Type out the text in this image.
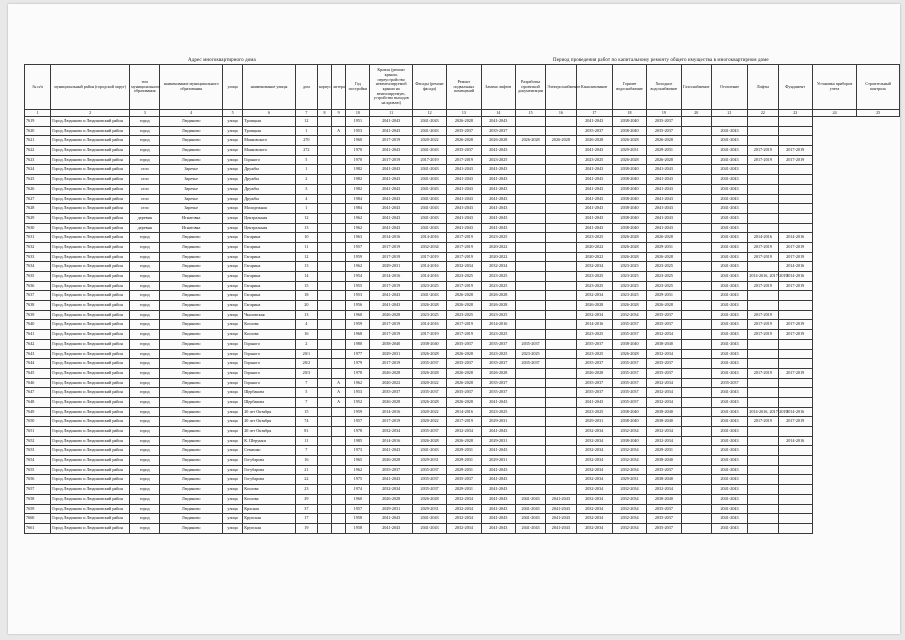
Адрес многоквартирного дома	Период проведения работ по капитальному ремонту общего имущества в многоквартирном доме
№ п/п	муниципальный район (городской округ)	тип муниципального образования	наименование муниципального образования	улица	наименование улицы	дом	корпус	литера	Год постройки	Кровля (ремонт крыши, переустройство невентилируемой крыши на вентилируемую, устройство выходов на кровлю)	Фасады (ремонт фасада)	Ремонт подвальных помещений	Замена лифтов	Разработка проектной документации	Электроснабжение	Канализование	Горячее водоснабжение	Холодное водоснабжение	Газоснабжение	Отопление	Лифты	Фундамент	Установка приборов учета	Строительный контроль
1	2	3	4	5	6	7	8	9	10	11	12	13	14	15	16	17	18	19	20	21	22	23	24	25
7619	Город Людиново и Людиновский район	город	Людиново	улица	Троицкая	12			1951	2041-2043	2041-2043	2026-2028	2041-2043			2041-2043	2038-2040	2035-2037						
7620	Город Людиново и Людиновский район	город	Людиново	улица	Троицкая	1		А	1953	2041-2043	2041-2043	2035-2037	2035-2037			2035-2037	2038-2040	2035-2037		2041-2043				
7621	Город Людиново и Людиновский район	город	Людиново	улица	Маяковского	270			1960	2017-2019	2020-2022	2026-2028	2026-2028	2026-2028	2026-2028	2026-2028	2026-2028	2026-2028		2041-2043				
7622	Город Людиново и Людиновский район	город	Людиново	улица	Маяковского	272			1970	2041-2043	2041-2043	2035-2037	2041-2043			2041-2043	2029-2031	2029-2031		2041-2043	2017-2019	2017-2019		
7623	Город Людиново и Людиновский район	город	Людиново	улица	Горького	5			1970	2017-2019	2017-2019	2017-2019	2023-2025			2023-2025	2026-2028	2026-2028		2041-2043	2017-2019	2017-2019		
7624	Город Людиново и Людиновский район	село	Заречье	улица	Дружбы	1			1982	2041-2043	2041-2043	2041-2043	2041-2043			2041-2043	2038-2040	2041-2043		2041-2043				
7625	Город Людиново и Людиновский район	село	Заречье	улица	Дружбы	2			1982	2041-2043	2041-2043	2041-2043	2041-2043			2041-2043	2038-2040	2041-2043		2041-2043				
7626	Город Людиново и Людиновский район	село	Заречье	улица	Дружбы	3			1982	2041-2043	2041-2043	2041-2043	2041-2043			2041-2043	2038-2040	2041-2043		2041-2043				
7627	Город Людиново и Людиновский район	село	Заречье	улица	Дружбы	4			1984	2041-2043	2041-2043	2041-2043	2041-2043			2041-2043	2038-2040	2041-2043		2041-2043				
7628	Город Людиново и Людиновский район	село	Заречье	улица	Молодежная	1			1984	2041-2043	2041-2043	2041-2043	2041-2043			2041-2043	2038-2040	2041-2043		2041-2043				
7629	Город Людиново и Людиновский район	деревня	Игнатовка	улица	Центральная	12			1962	2041-2043	2041-2043	2041-2043	2041-2043			2041-2043	2038-2040	2041-2043		2041-2043				
7630	Город Людиново и Людиновский район	деревня	Игнатовка	улица	Центральная	13			1962	2041-2043	2041-2043	2041-2043	2041-2043			2041-2043	2038-2040	2041-2043		2041-2043				
7631	Город Людиново и Людиновский район	город	Людиново	улица	Гагарина	10			1963	2014-2016	2014-2016	2017-2019	2023-2025			2023-2025	2026-2028	2026-2028		2041-2043	2014-2016	2014-2016		
7632	Город Людиново и Людиновский район	город	Людиново	улица	Гагарина	11			1957	2017-2019	2032-2034	2017-2019	2020-2022			2020-2022	2026-2028	2029-2031		2041-2043	2017-2019	2017-2019		
7633	Город Людиново и Людиновский район	город	Людиново	улица	Гагарина	12			1959	2017-2019	2017-2019	2017-2019	2020-2022			2020-2022	2026-2028	2026-2028		2041-2043	2017-2019	2017-2019		
7634	Город Людиново и Людиновский район	город	Людиново	улица	Гагарина	13			1962	2029-2031	2014-2016	2032-2034	2032-2034			2032-2034	2023-2025	2023-2025		2041-2043		2014-2016		
7635	Город Людиново и Людиновский район	город	Людиново	улица	Гагарина	14			1954	2014-2016	2014-2016	2023-2025	2023-2025			2023-2025	2023-2025	2023-2025		2041-2043	2014-2016, 2017-2019	2014-2016		
7636	Город Людиново и Людиновский район	город	Людиново	улица	Гагарина	15			1955	2017-2019	2023-2025	2017-2019	2023-2025			2023-2025	2023-2025	2023-2025		2041-2043	2017-2019	2017-2019		
7637	Город Людиново и Людиновский район	город	Людиново	улица	Гагарина	18			1953	2041-2043	2041-2043	2026-2028	2026-2028			2032-2034	2023-2025	2029-2031		2041-2043				
7638	Город Людиново и Людиновский район	город	Людиново	улица	Гагарина	20			1956	2041-2043	2026-2028	2026-2028	2026-2028			2026-2028	2026-2028	2026-2028		2041-2043				
7639	Город Людиново и Людиновский район	город	Людиново	улица	Чкаловская	13			1960	2026-2028	2023-2025	2023-2025	2023-2025			2032-2034	2032-2034	2035-2037		2041-2043	2017-2019			
7640	Город Людиново и Людиновский район	город	Людиново	улица	Козлова	4			1959	2017-2019	2014-2016	2017-2019	2014-2016			2014-2016	2035-2037	2035-2037		2041-2043	2017-2019	2017-2019		
7641	Город Людиново и Людиновский район	город	Людиново	улица	Козлова	16			1968	2017-2019	2017-2019	2017-2019	2023-2025			2023-2025	2035-2037	2032-2034		2041-2043	2017-2019	2017-2019		
7642	Город Людиново и Людиновский район	город	Людиново	улица	Горького	2			1980	2038-2040	2038-2040	2035-2037	2035-2037	2035-2037		2035-2037	2038-2040	2038-2040		2041-2043				
7643	Город Людиново и Людиновский район	город	Людиново	улица	Горького	20/1			1977	2029-2031	2026-2028	2026-2028	2023-2025	2023-2025		2023-2025	2026-2028	2032-2034		2041-2043				
7644	Город Людиново и Людиновский район	город	Людиново	улица	Горького	20/2			1979	2017-2019	2035-2037	2035-2037	2035-2037	2035-2037		2035-2037	2035-2037	2035-2037		2041-2043				
7645	Город Людиново и Людиновский район	город	Людиново	улица	Горького	20/3			1978	2026-2028	2026-2028	2026-2028	2026-2028			2026-2028	2035-2037	2035-2037		2041-2043	2017-2019	2017-2019		
7646	Город Людиново и Людиновский район	город	Людиново	улица	Горького	7		А	1962	2020-2022	2020-2022	2026-2028	2035-2037			2035-2037	2035-2037	2032-2034		2035-2037				
7647	Город Людиново и Людиновский район	город	Людиново	улица	Щербакова	5		А	1953	2035-2037	2035-2037	2035-2037	2035-2037			2035-2037	2035-2037	2032-2034		2041-2043				
7648	Город Людиново и Людиновский район	город	Людиново	улица	Щербакова	7		А	1952	2026-2028	2026-2028	2026-2028	2041-2043			2041-2043	2035-2037	2032-2034		2041-2043				
7649	Город Людиново и Людиновский район	город	Людиново	улица	20 лет Октября	15			1959	2014-2016	2020-2022	2014-2016	2023-2025			2023-2025	2038-2040	2038-2040		2041-2043	2014-2016, 2017-2019	2014-2016		
7650	Город Людиново и Людиновский район	город	Людиново	улица	20 лет Октября	74			1957	2017-2019	2020-2022	2017-2019	2029-2031			2029-2031	2038-2040	2038-2040		2041-2043	2017-2019	2017-2019		
7651	Город Людиново и Людиновский район	город	Людиново	улица	20 лет Октября	81			1978	2032-2034	2035-2037	2032-2034	2041-2043			2032-2034	2032-2034	2032-2034		2041-2043				
7652	Город Людиново и Людиновский район	город	Людиново	улица	К. Шерунки	11			1985	2014-2016	2026-2028	2026-2028	2029-2031			2032-2034	2038-2040	2032-2034		2041-2043		2014-2016		
7653	Город Людиново и Людиновский район	город	Людиново	улица	Семашко	7			1973	2041-2043	2041-2043	2029-2031	2041-2043			2032-2034	2032-2034	2029-2031		2041-2043				
7654	Город Людиново и Людиновский район	город	Людиново	улица	Гогубарова	16			1965	2026-2028	2029-2031	2029-2031	2029-2031			2032-2034	2032-2034	2038-2040		2041-2043				
7655	Город Людиново и Людиновский район	город	Людиново	улица	Гогубарова	21			1962	2035-2037	2035-2037	2029-2031	2041-2043			2032-2034	2032-2034	2035-2037		2041-2043				
7656	Город Людиново и Людиновский район	город	Людиново	улица	Гогубарова	22			1975	2041-2043	2035-2037	2035-2037	2041-2043			2032-2034	2029-2031	2038-2040		2041-2043				
7657	Город Людиново и Людиновский район	город	Людиново	улица	Козлова	23			1974	2032-2034	2035-2037	2029-2031	2041-2043			2032-2034	2032-2034	2032-2034		2041-2043				
7658	Город Людиново и Людиновский район	город	Людиново	улица	Козлова	29			1960	2026-2028	2026-2028	2032-2034	2041-2043	2041-2043	2041-2043	2032-2034	2032-2034	2038-2040		2041-2043				
7659	Город Людиново и Людиновский район	город	Людиново	улица	Красная	37			1957	2029-2031	2029-2031	2032-2034	2041-2043	2041-2043	2041-2043	2032-2034	2032-2034	2035-2037		2041-2043				
7660	Город Людиново и Людиновский район	город	Людиново	улица	Крупская	17			1958	2041-2043	2041-2043	2032-2034	2041-2043	2041-2043	2041-2043	2032-2034	2032-2034	2035-2037		2041-2043				
7661	Город Людиново и Людиновский район	город	Людиново	улица	Крупская	19			1958	2041-2043	2041-2043	2032-2034	2041-2043	2041-2043	2041-2043	2032-2034	2032-2034	2035-2037		2041-2043				
